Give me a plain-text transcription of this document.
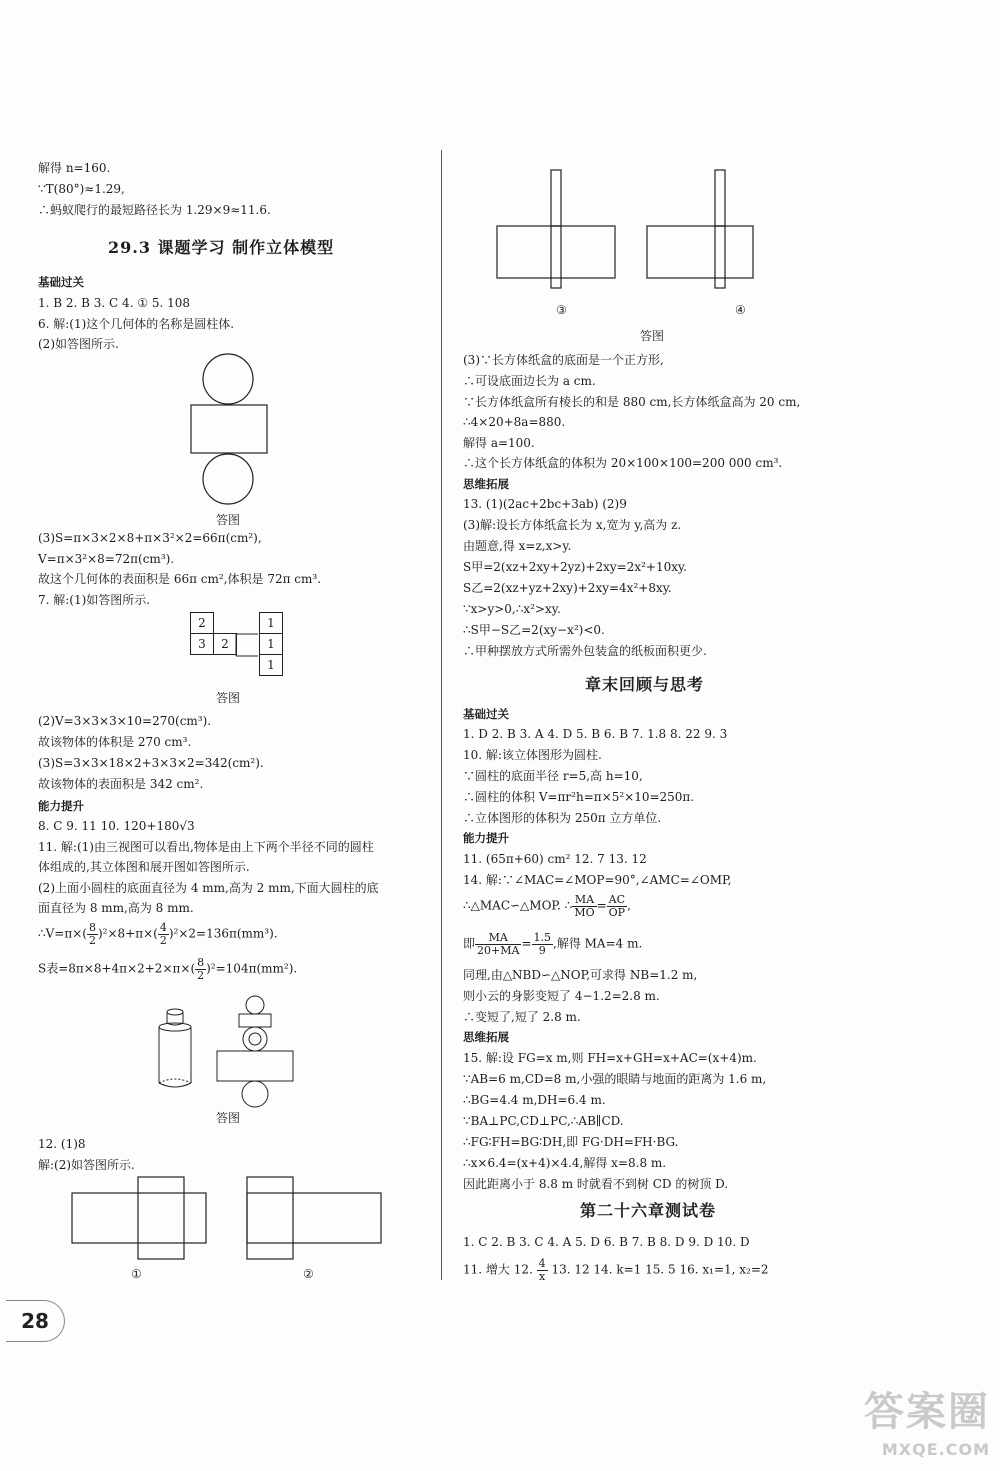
解得 n=160.
∵T(80°)≈1.29,
∴蚂蚁爬行的最短路径长为 1.29×9≈11.6.
29.3 课题学习 制作立体模型
基础过关
1. B 2. B 3. C 4. ① 5. 108
6. 解:(1)这个几何体的名称是圆柱体.
(2)如答图所示.
答图
(3)S=π×3×2×8+π×3²×2=66π(cm²),
V=π×3²×8=72π(cm³).
故这个几何体的表面积是 66π cm²,体积是 72π cm³.
7. 解:(1)如答图所示.
2			1
3	2		1
			1
答图
(2)V=3×3×3×10=270(cm³).
故该物体的体积是 270 cm³.
(3)S=3×3×18×2+3×3×2=342(cm²).
故该物体的表面积是 342 cm².
能力提升
8. C 9. 11 10. 120+180√3
11. 解:(1)由三视图可以看出,物体是由上下两个半径不同的圆柱
体组成的,其立体图和展开图如答图所示.
(2)上面小圆柱的底面直径为 4 mm,高为 2 mm,下面大圆柱的底
面直径为 8 mm,高为 8 mm.
∴V=π×( $\frac{8}{2} )^2\times 8+\pi\times( \frac{4}{2} )^2\times 2=136\pi(mm^3)$.
S表$=8\pi\times 8+4\pi\times 2+2\times\pi\times( \frac{8}{2} )^2=104\pi(mm^2)$.
答图
12. (1)8
解:(2)如答图所示.
①	②
③	④
答图
(3)∵长方体纸盒的底面是一个正方形,
∴可设底面边长为 a cm.
∵长方体纸盒所有棱长的和是 880 cm,长方体纸盒高为 20 cm,
∴4×20+8a=880.
解得 a=100.
∴这个长方体纸盒的体积为 20×100×100=200 000 cm³.
思维拓展
13. (1)(2ac+2bc+3ab) (2)9
(3)解:设长方体纸盒长为 x,宽为 y,高为 z.
由题意,得 x=z,x>y.
S甲=2(xz+2xy+2yz)+2xy=2x²+10xy.
S乙=2(xz+yz+2xy)+2xy=4x²+8xy.
∵x>y>0,∴x²>xy.
∴S甲−S乙=2(xy−x²)<0.
∴甲种摆放方式所需外包装盒的纸板面积更少.
章末回顾与思考
基础过关
1. D 2. B 3. A 4. D 5. B 6. B 7. 1.8 8. 22 9. 3
10. 解:该立体图形为圆柱.
∵圆柱的底面半径 r=5,高 h=10,
∴圆柱的体积 V=πr²h=π×5²×10=250π.
∴立体图形的体积为 250π 立方单位.
能力提升
11. (65π+60) cm² 12. 7 13. 12
14. 解:∵∠MAC=∠MOP=90°,∠AMC=∠OMP,
∴△MAC∽△MOP. ∴ $\frac{MA}{MO} = \frac{AC}{OP}$ ,
即 $\frac{MA}{20+MA} = \frac{1.5}{9}$ ,解得 MA=4 m.
同理,由△NBD∽△NOP,可求得 NB=1.2 m,
则小云的身影变短了 4−1.2=2.8 m.
∴变短了,短了 2.8 m.
思维拓展
15. 解:设 FG=x m,则 FH=x+GH=x+AC=(x+4)m.
∵AB=6 m,CD=8 m,小强的眼睛与地面的距离为 1.6 m,
∴BG=4.4 m,DH=6.4 m.
∵BA⊥PC,CD⊥PC,∴AB∥CD.
∴FG∶FH=BG∶DH,即 FG·DH=FH·BG.
∴x×6.4=(x+4)×4.4,解得 x=8.8 m.
因此距离小于 8.8 m 时就看不到树 CD 的树顶 D.
第二十六章测试卷
1. C 2. B 3. C 4. A 5. D 6. B 7. B 8. D 9. D 10. D
11. 增大 12. $\frac{4}{x} 13$. 12 14. k=1 15. 5 16. x₁=1, x₂=2
28
答案圈
MXQE.COM
